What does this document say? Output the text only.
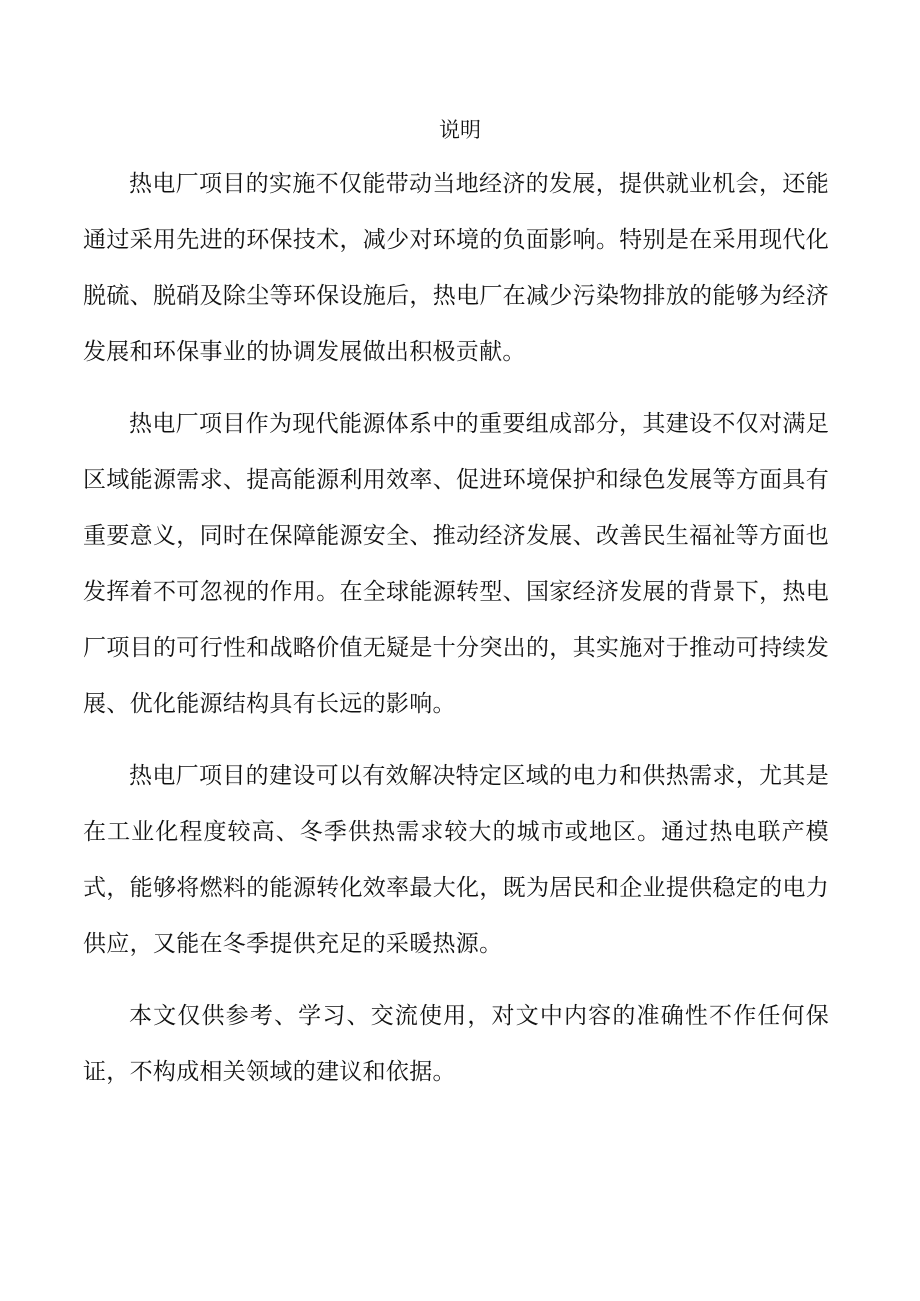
说明

热电厂项目的实施不仅能带动当地经济的发展，提供就业机会，还能通过采用先进的环保技术，减少对环境的负面影响。特别是在采用现代化脱硫、脱硝及除尘等环保设施后，热电厂在减少污染物排放的能够为经济发展和环保事业的协调发展做出积极贡献。

热电厂项目作为现代能源体系中的重要组成部分，其建设不仅对满足区域能源需求、提高能源利用效率、促进环境保护和绿色发展等方面具有重要意义，同时在保障能源安全、推动经济发展、改善民生福祉等方面也发挥着不可忽视的作用。在全球能源转型、国家经济发展的背景下，热电厂项目的可行性和战略价值无疑是十分突出的，其实施对于推动可持续发展、优化能源结构具有长远的影响。

热电厂项目的建设可以有效解决特定区域的电力和供热需求，尤其是在工业化程度较高、冬季供热需求较大的城市或地区。通过热电联产模式，能够将燃料的能源转化效率最大化，既为居民和企业提供稳定的电力供应，又能在冬季提供充足的采暖热源。

本文仅供参考、学习、交流使用，对文中内容的准确性不作任何保证，不构成相关领域的建议和依据。
